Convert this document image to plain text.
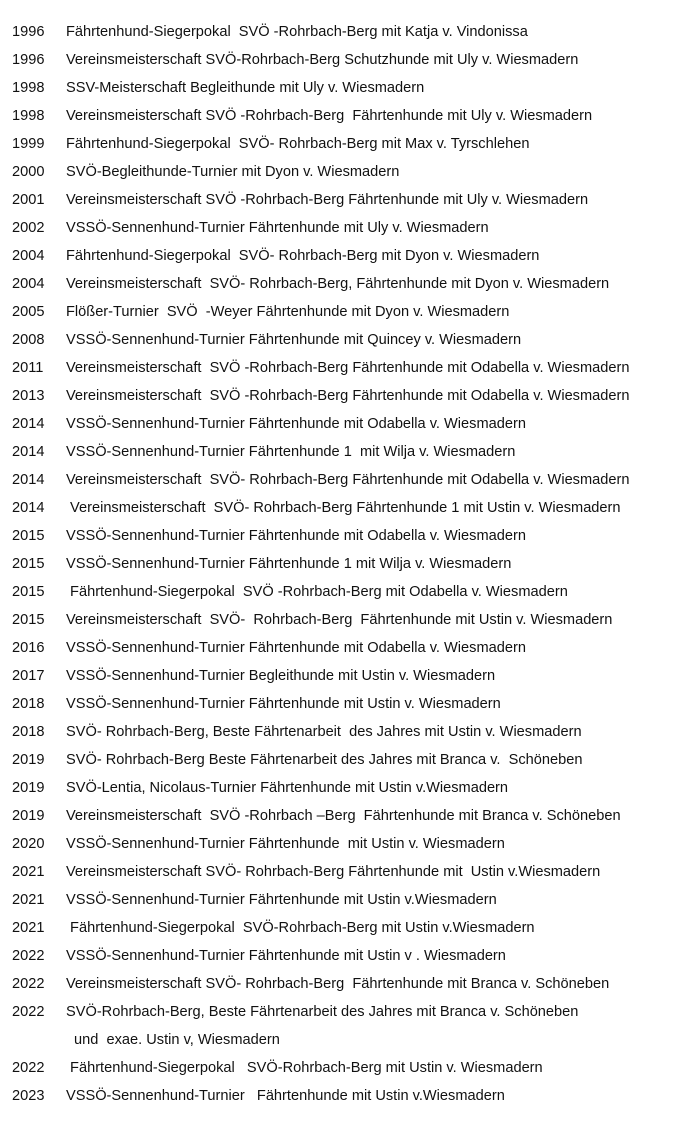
1996	Fährtenhund-Siegerpokal  SVÖ -Rohrbach-Berg mit Katja v. Vindonissa
1996	Vereinsmeisterschaft SVÖ-Rohrbach-Berg Schutzhunde mit Uly v. Wiesmadern
1998	SSV-Meisterschaft Begleithunde mit Uly v. Wiesmadern
1998	Vereinsmeisterschaft SVÖ -Rohrbach-Berg  Fährtenhunde mit Uly v. Wiesmadern
1999	Fährtenhund-Siegerpokal  SVÖ- Rohrbach-Berg mit Max v. Tyrschlehen
2000	SVÖ-Begleithunde-Turnier mit Dyon v. Wiesmadern
2001	Vereinsmeisterschaft SVÖ -Rohrbach-Berg Fährtenhunde mit Uly v. Wiesmadern
2002	VSSÖ-Sennenhund-Turnier Fährtenhunde mit Uly v. Wiesmadern
2004	Fährtenhund-Siegerpokal  SVÖ- Rohrbach-Berg mit Dyon v. Wiesmadern
2004	Vereinsmeisterschaft  SVÖ- Rohrbach-Berg, Fährtenhunde mit Dyon v. Wiesmadern
2005	Flößer-Turnier  SVÖ  -Weyer Fährtenhunde mit Dyon v. Wiesmadern
2008	VSSÖ-Sennenhund-Turnier Fährtenhunde mit Quincey v. Wiesmadern
2011	Vereinsmeisterschaft  SVÖ -Rohrbach-Berg Fährtenhunde mit Odabella v. Wiesmadern
2013	Vereinsmeisterschaft  SVÖ -Rohrbach-Berg Fährtenhunde mit Odabella v. Wiesmadern
2014	VSSÖ-Sennenhund-Turnier Fährtenhunde mit Odabella v. Wiesmadern
2014	VSSÖ-Sennenhund-Turnier Fährtenhunde 1  mit Wilja v. Wiesmadern
2014	Vereinsmeisterschaft  SVÖ- Rohrbach-Berg Fährtenhunde mit Odabella v. Wiesmadern
2014	Vereinsmeisterschaft  SVÖ- Rohrbach-Berg Fährtenhunde 1 mit Ustin v. Wiesmadern
2015	VSSÖ-Sennenhund-Turnier Fährtenhunde mit Odabella v. Wiesmadern
2015	VSSÖ-Sennenhund-Turnier Fährtenhunde 1 mit Wilja v. Wiesmadern
2015	Fährtenhund-Siegerpokal  SVÖ -Rohrbach-Berg mit Odabella v. Wiesmadern
2015	Vereinsmeisterschaft  SVÖ-  Rohrbach-Berg  Fährtenhunde mit Ustin v. Wiesmadern
2016	VSSÖ-Sennenhund-Turnier Fährtenhunde mit Odabella v. Wiesmadern
2017	VSSÖ-Sennenhund-Turnier Begleithunde mit Ustin v. Wiesmadern
2018	VSSÖ-Sennenhund-Turnier Fährtenhunde mit Ustin v. Wiesmadern
2018	SVÖ- Rohrbach-Berg, Beste Fährtenarbeit  des Jahres mit Ustin v. Wiesmadern
2019	SVÖ- Rohrbach-Berg Beste Fährtenarbeit des Jahres mit Branca v.  Schöneben
2019	SVÖ-Lentia, Nicolaus-Turnier Fährtenhunde mit Ustin v.Wiesmadern
2019	Vereinsmeisterschaft  SVÖ -Rohrbach –Berg  Fährtenhunde mit Branca v. Schöneben
2020	VSSÖ-Sennenhund-Turnier Fährtenhunde  mit Ustin v. Wiesmadern
2021	Vereinsmeisterschaft SVÖ- Rohrbach-Berg Fährtenhunde mit  Ustin v.Wiesmadern
2021	VSSÖ-Sennenhund-Turnier Fährtenhunde mit Ustin v.Wiesmadern
2021	Fährtenhund-Siegerpokal  SVÖ-Rohrbach-Berg mit Ustin v.Wiesmadern
2022	VSSÖ-Sennenhund-Turnier Fährtenhunde mit Ustin v . Wiesmadern
2022	Vereinsmeisterschaft SVÖ- Rohrbach-Berg  Fährtenhunde mit Branca v. Schöneben
2022	SVÖ-Rohrbach-Berg, Beste Fährtenarbeit des Jahres mit Branca v. Schöneben
und  exae. Ustin v, Wiesmadern
2022	Fährtenhund-Siegerpokal   SVÖ-Rohrbach-Berg mit Ustin v. Wiesmadern
2023	VSSÖ-Sennenhund-Turnier   Fährtenhunde mit Ustin v.Wiesmadern
